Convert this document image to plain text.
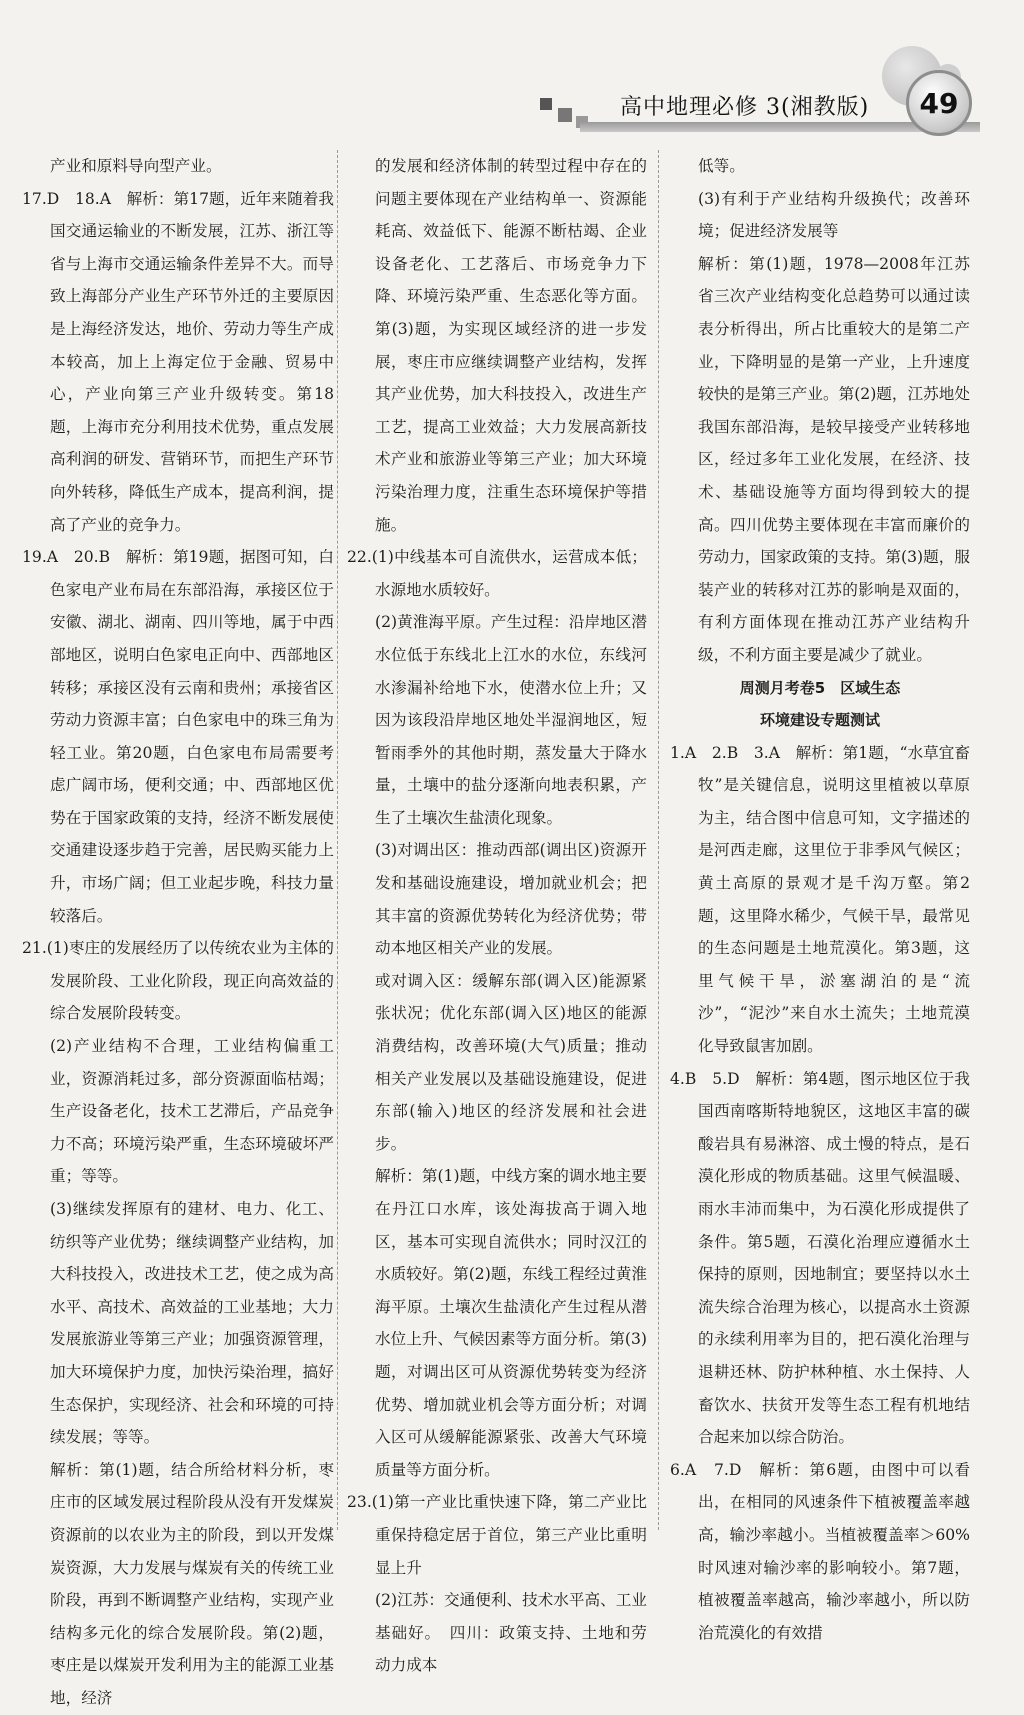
高中地理必修 3(湘教版)	49

产业和原料导向型产业。

17.D　18.A　解析：第17题，近年来随着我国交通运输业的不断发展，江苏、浙江等省与上海市交通运输条件差异不大。而导致上海部分产业生产环节外迁的主要原因是上海经济发达，地价、劳动力等生产成本较高，加上上海定位于金融、贸易中心，产业向第三产业升级转变。第18题，上海市充分利用技术优势，重点发展高利润的研发、营销环节，而把生产环节向外转移，降低生产成本，提高利润，提高了产业的竞争力。

19.A　20.B　解析：第19题，据图可知，白色家电产业布局在东部沿海，承接区位于安徽、湖北、湖南、四川等地，属于中西部地区，说明白色家电正向中、西部地区转移；承接区没有云南和贵州；承接省区劳动力资源丰富；白色家电中的珠三角为轻工业。第20题，白色家电布局需要考虑广阔市场，便利交通；中、西部地区优势在于国家政策的支持，经济不断发展使交通建设逐步趋于完善，居民购买能力上升，市场广阔；但工业起步晚，科技力量较落后。

21.(1)枣庄的发展经历了以传统农业为主体的发展阶段、工业化阶段，现正向高效益的综合发展阶段转变。

(2)产业结构不合理，工业结构偏重工业，资源消耗过多，部分资源面临枯竭；生产设备老化，技术工艺滞后，产品竞争力不高；环境污染严重，生态环境破坏严重；等等。

(3)继续发挥原有的建材、电力、化工、纺织等产业优势；继续调整产业结构，加大科技投入，改进技术工艺，使之成为高水平、高技术、高效益的工业基地；大力发展旅游业等第三产业；加强资源管理，加大环境保护力度，加快污染治理，搞好生态保护，实现经济、社会和环境的可持续发展；等等。

解析：第(1)题，结合所给材料分析，枣庄市的区域发展过程阶段从没有开发煤炭资源前的以农业为主的阶段，到以开发煤炭资源，大力发展与煤炭有关的传统工业阶段，再到不断调整产业结构，实现产业结构多元化的综合发展阶段。第(2)题，枣庄是以煤炭开发利用为主的能源工业基地，经济

的发展和经济体制的转型过程中存在的问题主要体现在产业结构单一、资源能耗高、效益低下、能源不断枯竭、企业设备老化、工艺落后、市场竞争力下降、环境污染严重、生态恶化等方面。第(3)题，为实现区域经济的进一步发展，枣庄市应继续调整产业结构，发挥其产业优势，加大科技投入，改进生产工艺，提高工业效益；大力发展高新技术产业和旅游业等第三产业；加大环境污染治理力度，注重生态环境保护等措施。

22.(1)中线基本可自流供水，运营成本低；水源地水质较好。

(2)黄淮海平原。产生过程：沿岸地区潜水位低于东线北上江水的水位，东线河水渗漏补给地下水，使潜水位上升；又因为该段沿岸地区地处半湿润地区，短暂雨季外的其他时期，蒸发量大于降水量，土壤中的盐分逐渐向地表积累，产生了土壤次生盐渍化现象。

(3)对调出区：推动西部(调出区)资源开发和基础设施建设，增加就业机会；把其丰富的资源优势转化为经济优势；带动本地区相关产业的发展。

或对调入区：缓解东部(调入区)能源紧张状况；优化东部(调入区)地区的能源消费结构，改善环境(大气)质量；推动相关产业发展以及基础设施建设，促进东部(输入)地区的经济发展和社会进步。

解析：第(1)题，中线方案的调水地主要在丹江口水库，该处海拔高于调入地区，基本可实现自流供水；同时汉江的水质较好。第(2)题，东线工程经过黄淮海平原。土壤次生盐渍化产生过程从潜水位上升、气候因素等方面分析。第(3)题，对调出区可从资源优势转变为经济优势、增加就业机会等方面分析；对调入区可从缓解能源紧张、改善大气环境质量等方面分析。

23.(1)第一产业比重快速下降，第二产业比重保持稳定居于首位，第三产业比重明显上升

(2)江苏：交通便利、技术水平高、工业基础好。　四川：政策支持、土地和劳动力成本

低等。

(3)有利于产业结构升级换代；改善环境；促进经济发展等

解析：第(1)题，1978—2008年江苏省三次产业结构变化总趋势可以通过读表分析得出，所占比重较大的是第二产业，下降明显的是第一产业，上升速度较快的是第三产业。第(2)题，江苏地处我国东部沿海，是较早接受产业转移地区，经过多年工业化发展，在经济、技术、基础设施等方面均得到较大的提高。四川优势主要体现在丰富而廉价的劳动力，国家政策的支持。第(3)题，服装产业的转移对江苏的影响是双面的，有利方面体现在推动江苏产业结构升级，不利方面主要是减少了就业。

周测月考卷5　区域生态

环境建设专题测试

1.A　2.B　3.A　解析：第1题，“水草宜畜牧”是关键信息，说明这里植被以草原为主，结合图中信息可知，文字描述的是河西走廊，这里位于非季风气候区；黄土高原的景观才是千沟万壑。第2题，这里降水稀少，气候干旱，最常见的生态问题是土地荒漠化。第3题，这里气候干旱，淤塞湖泊的是“流沙”，“泥沙”来自水土流失；土地荒漠化导致鼠害加剧。

4.B　5.D　解析：第4题，图示地区位于我国西南喀斯特地貌区，这地区丰富的碳酸岩具有易淋溶、成土慢的特点，是石漠化形成的物质基础。这里气候温暖、雨水丰沛而集中，为石漠化形成提供了条件。第5题，石漠化治理应遵循水土保持的原则，因地制宜；要坚持以水土流失综合治理为核心，以提高水土资源的永续利用率为目的，把石漠化治理与退耕还林、防护林种植、水土保持、人畜饮水、扶贫开发等生态工程有机地结合起来加以综合防治。

6.A　7.D　解析：第6题，由图中可以看出，在相同的风速条件下植被覆盖率越高，输沙率越小。当植被覆盖率＞60%时风速对输沙率的影响较小。第7题，植被覆盖率越高，输沙率越小，所以防治荒漠化的有效措
